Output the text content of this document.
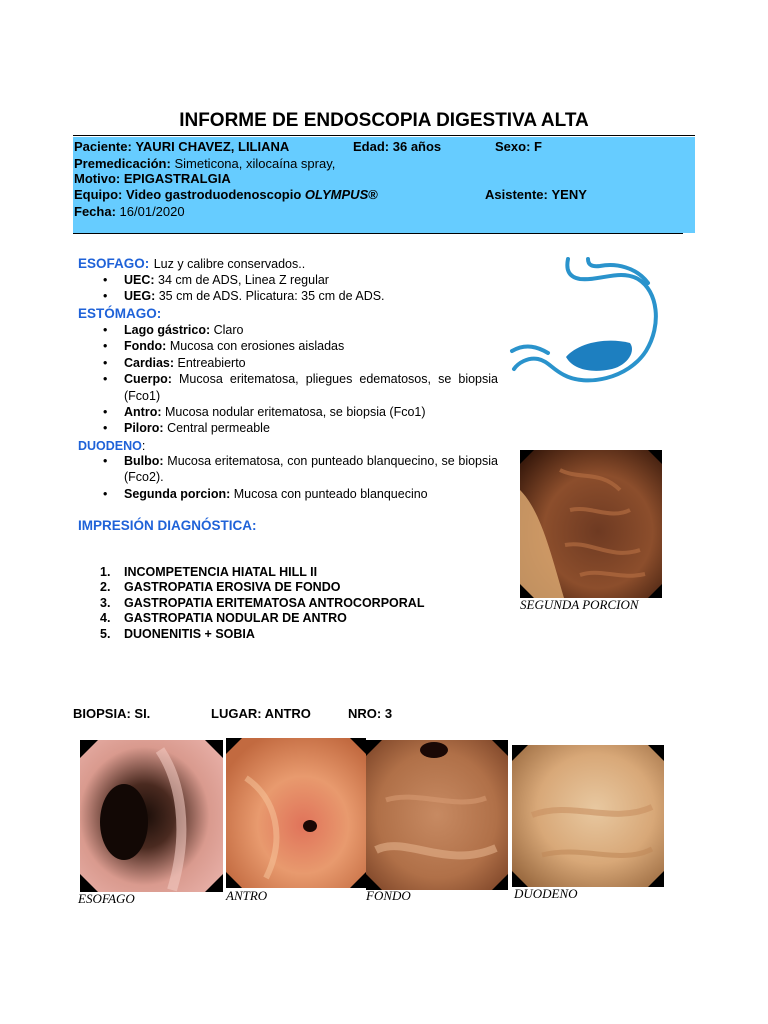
INFORME DE ENDOSCOPIA DIGESTIVA ALTA
Paciente: YAURI CHAVEZ, LILIANA	Edad: 36 años	Sexo: F
Premedicación: Simeticona, xilocaína spray,
Motivo: EPIGASTRALGIA
Equipo: Video gastroduodenoscopio OLYMPUS®	Asistente: YENY
Fecha: 16/01/2020
ESOFAGO: Luz y calibre conservados..
• UEC: 34 cm de ADS, Linea Z regular
• UEG: 35 cm de ADS. Plicatura: 35 cm de ADS.
ESTÓMAGO:
• Lago gástrico: Claro
• Fondo: Mucosa con erosiones aisladas
• Cardias: Entreabierto
• Cuerpo: Mucosa eritematosa, pliegues edematosos, se biopsia (Fco1)
• Antro: Mucosa nodular eritematosa, se biopsia (Fco1)
• Piloro: Central permeable
DUODENO:
• Bulbo: Mucosa eritematosa, con punteado blanquecino, se biopsia (Fco2).
• Segunda porcion: Mucosa con punteado blanquecino
IMPRESIÓN DIAGNÓSTICA:
1. INCOMPETENCIA HIATAL HILL II
2. GASTROPATIA EROSIVA DE FONDO
3. GASTROPATIA ERITEMATOSA ANTROCORPORAL
4. GASTROPATIA NODULAR DE ANTRO
5. DUONENITIS + SOBIA
BIOPSIA: SI.	LUGAR: ANTRO	NRO: 3
SEGUNDA PORCION
ESOFAGO	ANTRO	FONDO	DUODENO
